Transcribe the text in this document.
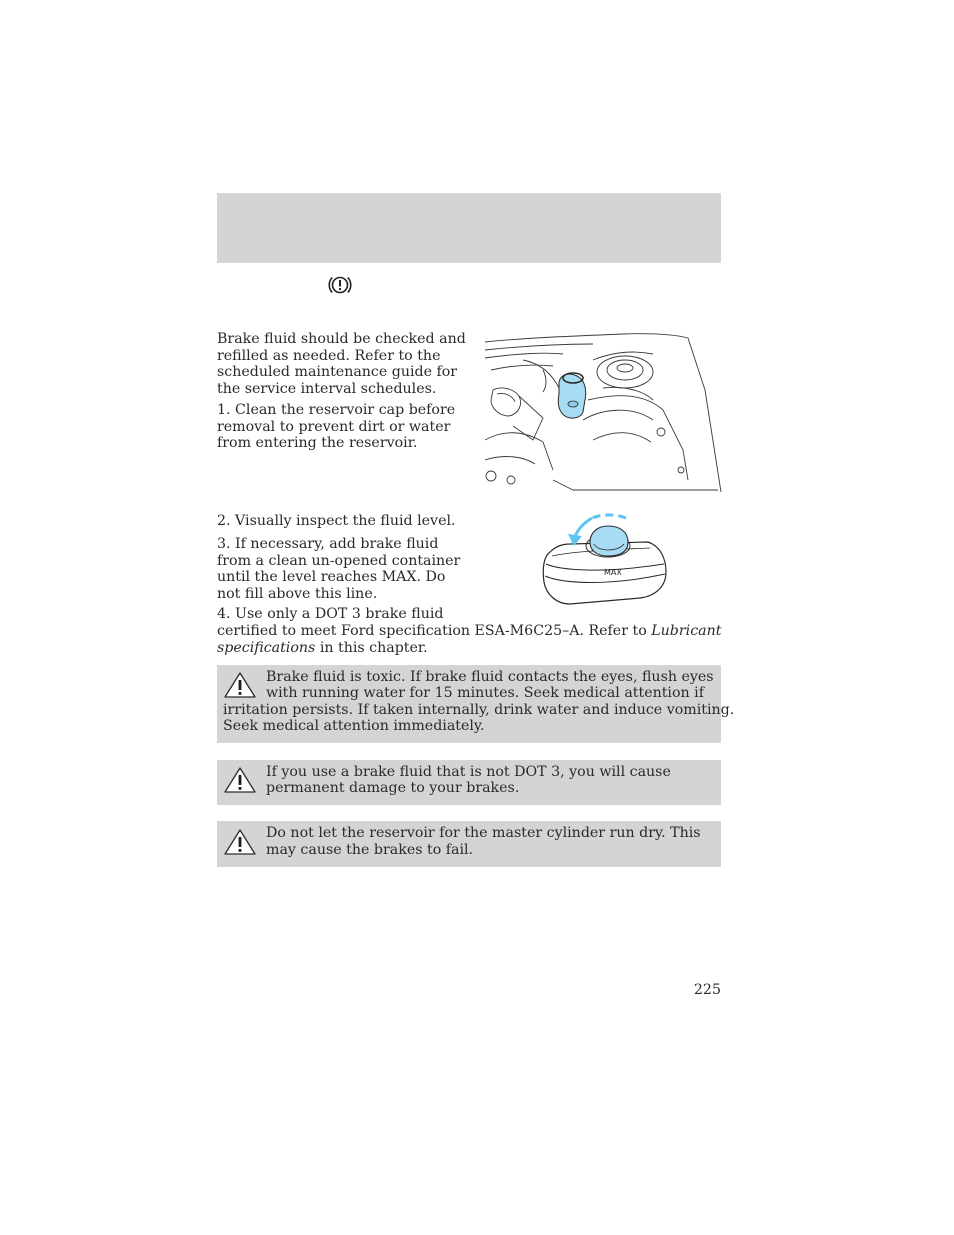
Brake fluid should be checked and refilled as needed. Refer to the scheduled maintenance guide for the service interval schedules.

1. Clean the reservoir cap before removal to prevent dirt or water from entering the reservoir.

2. Visually inspect the fluid level.

3. If necessary, add brake fluid from a clean un-opened container until the level reaches MAX. Do not fill above this line.

MAX

4. Use only a DOT 3 brake fluid

certified to meet Ford specification ESA-M6C25–A. Refer to Lubricant

specifications in this chapter.

Brake fluid is toxic. If brake fluid contacts the eyes, flush eyes

with running water for 15 minutes. Seek medical attention if

irritation persists. If taken internally, drink water and induce vomiting.

Seek medical attention immediately.

If you use a brake fluid that is not DOT 3, you will cause

permanent damage to your brakes.

Do not let the reservoir for the master cylinder run dry. This

may cause the brakes to fail.

225
